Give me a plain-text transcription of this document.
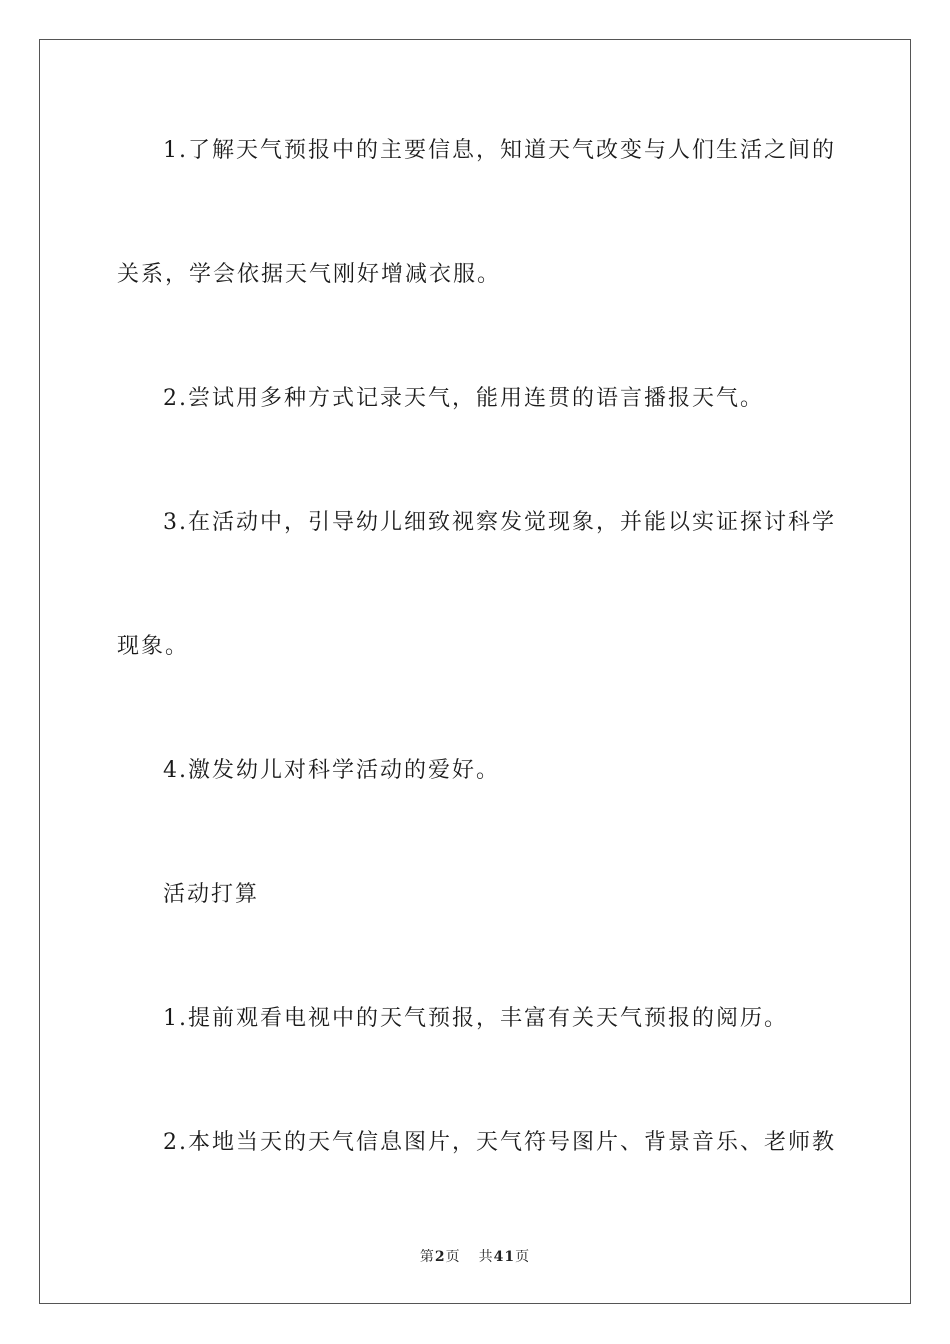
1.了解天气预报中的主要信息，知道天气改变与人们生活之间的
关系，学会依据天气刚好增减衣服。
2.尝试用多种方式记录天气，能用连贯的语言播报天气。
3.在活动中，引导幼儿细致视察发觉现象，并能以实证探讨科学
现象。
4.激发幼儿对科学活动的爱好。
活动打算
1.提前观看电视中的天气预报，丰富有关天气预报的阅历。
2.本地当天的天气信息图片，天气符号图片、背景音乐、老师教
第2页 共41页
